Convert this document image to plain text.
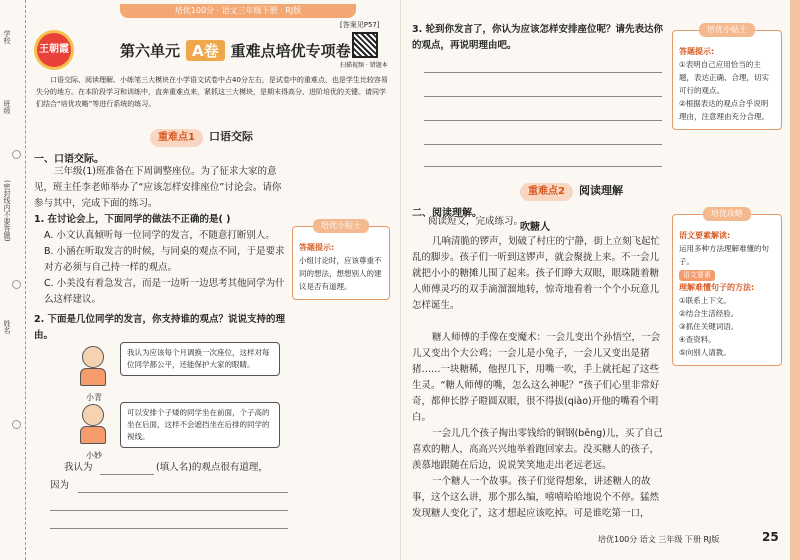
培优100分 · 语文三年级下册 · RJ版
[答案见P57]
学校
班级
(密封线内不要答题)
姓名
王朝霞	第六单元 A卷 重难点培优专项卷
扫描视频 · 错题本
口语交际、阅读理解、小练笔三大模块在小学语文试卷中占40分左右，是试卷中的重难点，也是学生比较容易失分的地方。在本阶段学习和训练中，直奔重难点来，紧抓这三大模块，是期末得高分、进阶培优的关键。请同学们结合“培优攻略”等进行系统的练习。
重难点1 口语交际
一、口语交际。
三年级(1)班准备在下周调整座位。为了征求大家的意见，班主任李老师举办了“应该怎样安排座位”讨论会。请你参与其中，完成下面的练习。
1. 在讨论会上，下面同学的做法不正确的是( )
A. 小文认真倾听每一位同学的发言，不随意打断别人。
B. 小涵在听取发言的时候，与同桌的观点不同，于是要求对方必须与自己持一样的观点。
C. 小美没有着急发言，而是一边听一边思考其他同学为什么这样建议。
2. 下面是几位同学的发言，你支持谁的观点？说说支持的理由。
小青
我认为应该每个月调换一次座位，这样对每位同学都公平，还能保护大家的眼睛。
小妙
可以安排个子矮的同学坐在前面，个子高的坐在后面，这样不会遮挡坐在后排的同学的视线。
我认为	(填人名)的观点很有道理，
因为
培优小贴士
答题提示:
小组讨论时，应该尊重不同的想法，想想别人的建议是否有道理。
3. 轮到你发言了，你认为应该怎样安排座位呢？请先表达你的观点，再说明理由吧。
培优小贴士
答题提示:
①表明自己应用恰当的主题，表达正确、合理，切实可行的观点。
②根据表达的观点合乎说明理由，注意理由充分合理。
重难点2 阅读理解
二、阅读理解。
阅读短文，完成练习。
吹糖人
几响清脆的锣声，划破了村庄的宁静，街上立刻飞起忙乱的脚步。孩子们一听到这锣声，就会聚拢上来。不一会儿就把小小的糖摊儿围了起来。孩子们睁大双眼，眼珠随着糖人师傅灵巧的双手滴溜溜地转，惊奇地看着一个个小玩意儿怎样诞生。
糖人师傅的手像在变魔术：一会儿变出个孙悟空，一会儿又变出个大公鸡；一会儿是小兔子，一会儿又变出是猪猪……一块糖稀，他捏几下，用嘴一吹，手上就托起了这些生灵。“糖人师傅的嘴，怎么这么神呢？”孩子们心里非常好奇，都伸长脖子瞪圆双眼，很不得拔(qiào)开他的嘴看个明白。
一会儿几个孩子掏出零钱给的铜钢(bēng)儿，买了自己喜欢的糖人，高高兴兴地举着跑回家去。没买糖人的孩子，羡慕地跟随在后边，说说笑笑地走出老远老远。
一个糖人一个故事。孩子们觉得想象，讲述糖人的故事，这个这么讲，那个那么编，嘻嘻哈哈地说个不停。猛然发现糖人变化了，这才想起应该吃掉。可是谁吃第一口，
培优攻略
语文要素解读:
运用多种方法理解难懂的句子。
语文要素
理解难懂句子的方法:
①联系上下文。
②结合生活经验。
③抓住关键词语。
④查资料。
⑤向别人请教。
培优100分 语文 三年级 下册 RJ版	25
